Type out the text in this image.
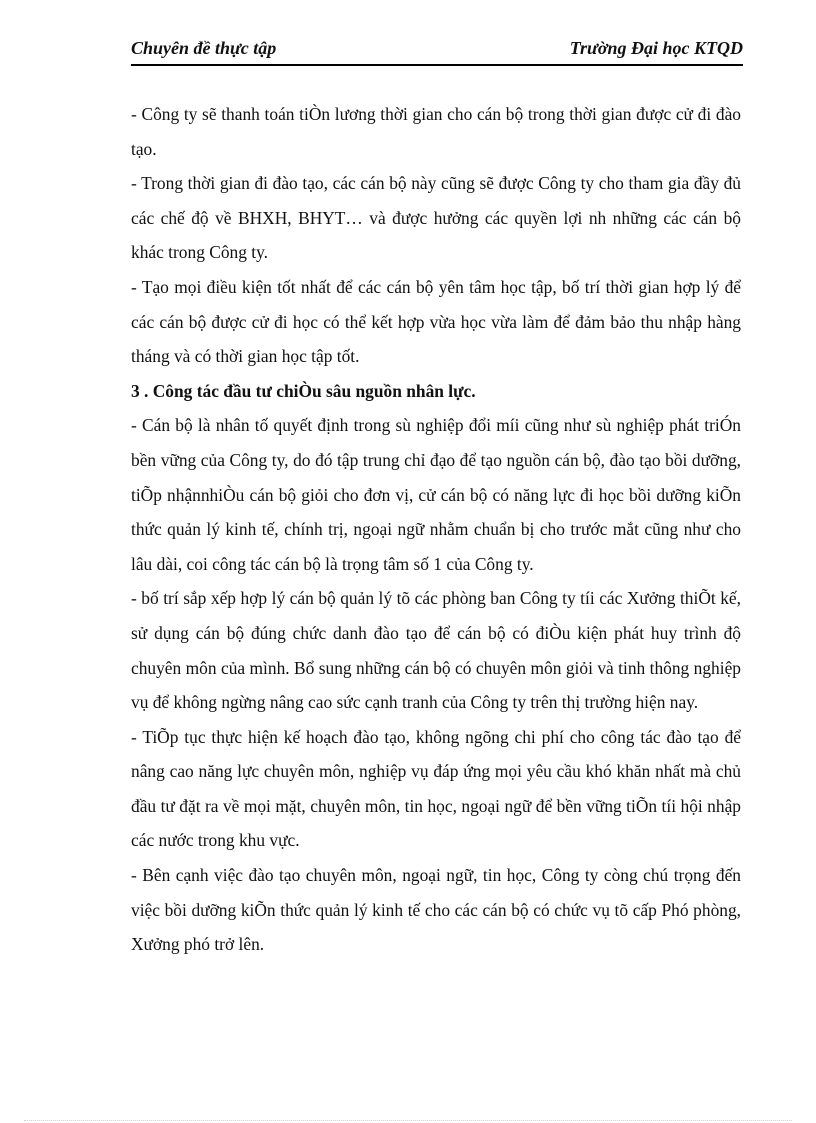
Chuyên đề thực tập	Trường Đại học KTQD

- Công ty sẽ thanh toán tiÒn lương thời gian cho cán bộ trong thời gian được cử đi đào tạo.

- Trong thời gian đi đào tạo, các cán bộ này cũng sẽ được Công ty cho tham gia đầy đủ các chế độ về BHXH, BHYT… và được hưởng các quyền lợi nh những các cán bộ khác trong Công ty.

- Tạo mọi điều kiện tốt nhất để các cán bộ yên tâm học tập, bố trí thời gian hợp lý để các cán bộ được cử đi học có thể kết hợp vừa học vừa làm để đảm bảo thu nhập hàng tháng và có thời gian học tập tốt.

3 . Công tác đầu tư chiÒu sâu nguồn nhân lực.

- Cán bộ là nhân tố quyết định trong sù nghiệp đổi míi cũng như sù nghiệp phát triÓn bền vững của Công ty, do đó tập trung chỉ đạo để tạo nguồn cán bộ, đào tạo bồi dưỡng, tiÕp nhậnnhiÒu cán bộ giỏi cho đơn vị, cử cán bộ có năng lực đi học bồi dưỡng kiÕn thức quản lý kinh tế, chính trị, ngoại ngữ nhằm chuẩn bị cho trước mắt cũng như cho lâu dài, coi công tác cán bộ là trọng tâm số 1 của Công ty.

- bố trí sắp xếp hợp lý cán bộ quản lý tõ các phòng ban Công ty tíi các Xưởng thiÕt kế, sử dụng cán bộ đúng chức danh đào tạo để cán bộ có điÒu kiện phát huy trình độ chuyên môn của mình. Bổ sung những cán bộ có chuyên môn giỏi và tinh thông nghiệp vụ để không ngừng nâng cao sức cạnh tranh của Công ty trên thị trường hiện nay.

- TiÕp tục thực hiện kế hoạch đào tạo, không ngõng chi phí cho công tác đào tạo để nâng cao năng lực chuyên môn, nghiệp vụ đáp ứng mọi yêu cầu khó khăn nhất mà chủ đầu tư đặt ra về mọi mặt, chuyên môn, tin học, ngoại ngữ để bền vững tiÕn tíi hội nhập các nước trong khu vực.

- Bên cạnh việc đào tạo chuyên môn, ngoại ngữ, tin học, Công ty còng chú trọng đến việc bồi dưỡng kiÕn thức quản lý kinh tế cho các cán bộ có chức vụ tõ cấp Phó phòng, Xưởng phó trở lên.
